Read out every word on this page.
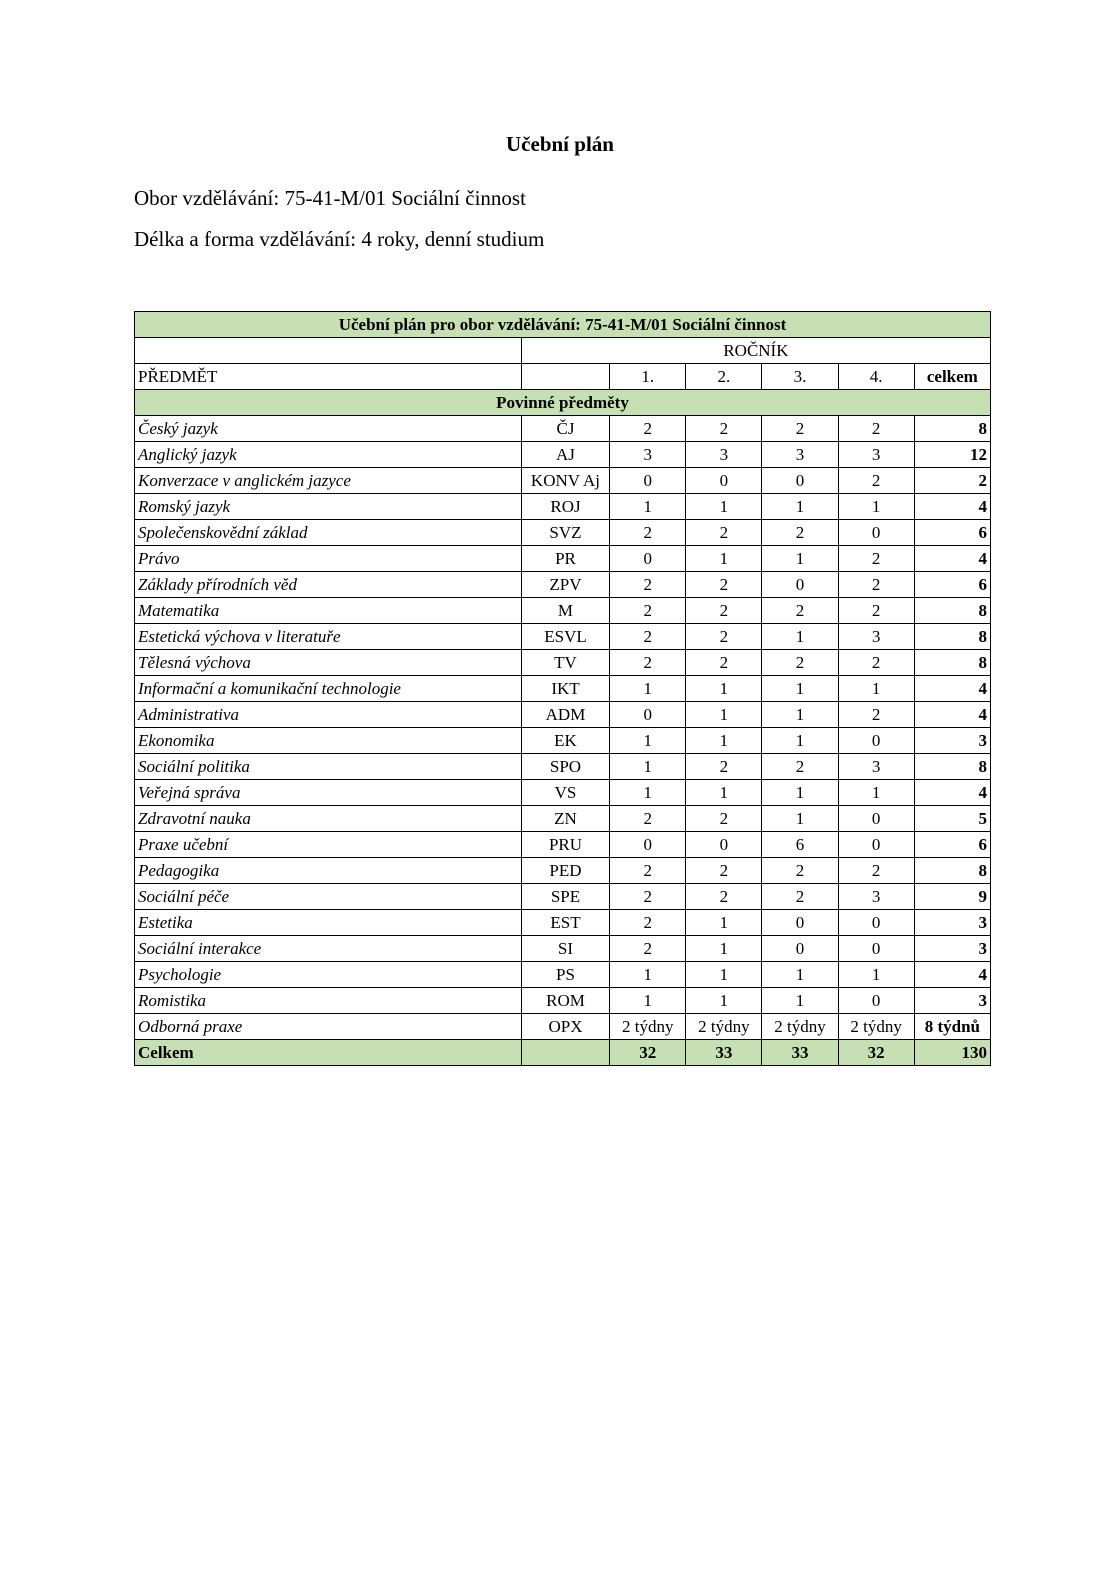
Učební plán
Obor vzdělávání: 75-41-M/01 Sociální činnost
Délka a forma vzdělávání: 4 roky, denní studium
Učební plán pro obor vzdělávání: 75-41-M/01 Sociální činnost						
	ROČNÍK					
PŘEDMĚT		1.	2.	3.	4.	celkem
Povinné předměty						
Český jazyk	ČJ	2	2	2	2	8
Anglický jazyk	AJ	3	3	3	3	12
Konverzace v anglickém jazyce	KONV Aj	0	0	0	2	2
Romský jazyk	ROJ	1	1	1	1	4
Společenskovědní základ	SVZ	2	2	2	0	6
Právo	PR	0	1	1	2	4
Základy přírodních věd	ZPV	2	2	0	2	6
Matematika	M	2	2	2	2	8
Estetická výchova v literatuře	ESVL	2	2	1	3	8
Tělesná výchova	TV	2	2	2	2	8
Informační a komunikační technologie	IKT	1	1	1	1	4
Administrativa	ADM	0	1	1	2	4
Ekonomika	EK	1	1	1	0	3
Sociální politika	SPO	1	2	2	3	8
Veřejná správa	VS	1	1	1	1	4
Zdravotní nauka	ZN	2	2	1	0	5
Praxe učební	PRU	0	0	6	0	6
Pedagogika	PED	2	2	2	2	8
Sociální péče	SPE	2	2	2	3	9
Estetika	EST	2	1	0	0	3
Sociální interakce	SI	2	1	0	0	3
Psychologie	PS	1	1	1	1	4
Romistika	ROM	1	1	1	0	3
Odborná praxe	OPX	2 týdny	2 týdny	2 týdny	2 týdny	8 týdnů
Celkem		32	33	33	32	130
